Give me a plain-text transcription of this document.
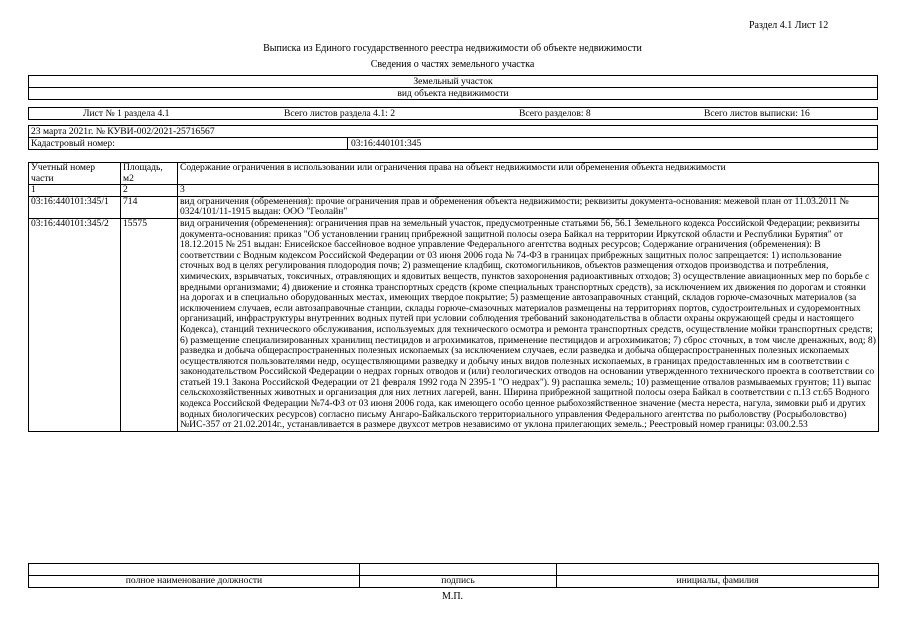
Раздел 4.1 Лист 12
Выписка из Единого государственного реестра недвижимости об объекте недвижимости
Сведения о частях земельного участка
Земельный участок
вид объекта недвижимости
Лист № 1 раздела 4.1	Всего листов раздела 4.1: 2	Всего разделов: 8	Всего листов выписки: 16
23 марта 2021г. № КУВИ-002/2021-25716567
Кадастровый номер:	03:16:440101:345
Учетный номер части	Площадь, м2	Содержание ограничения в использовании или ограничения права на объект недвижимости или обременения объекта недвижимости
1	2	3
03:16:440101:345/1	714	вид ограничения (обременения): прочие ограничения прав и обременения объекта недвижимости; реквизиты документа-основания: межевой план от 11.03.2011 № 0324/101/11-1915 выдан: ООО "Геолайн"
03:16:440101:345/2	15575	вид ограничения (обременения): ограничения прав на земельный участок, предусмотренные статьями 56, 56.1 Земельного кодекса Российской Федерации; реквизиты документа-основания: приказ "Об установлении границ прибрежной защитной полосы озера Байкал на территории Иркутской области и Республики Бурятия" от 18.12.2015 № 251 выдан: Енисейское бассейновое водное управление Федерального агентства водных ресурсов; Содержание ограничения (обременения): В соответствии с Водным кодексом Российской Федерации от 03 июня 2006 года № 74-ФЗ в границах прибрежных защитных полос запрещается: 1) использование сточных вод в целях регулирования плодородия почв; 2) размещение кладбищ, скотомогильников, объектов размещения отходов производства и потребления, химических, взрывчатых, токсичных, отравляющих и ядовитых веществ, пунктов захоронения радиоактивных отходов; 3) осуществление авиационных мер по борьбе с вредными организмами; 4) движение и стоянка транспортных средств (кроме специальных транспортных средств), за исключением их движения по дорогам и стоянки на дорогах и в специально оборудованных местах, имеющих твердое покрытие; 5) размещение автозаправочных станций, складов горюче-смазочных материалов (за исключением случаев, если автозаправочные станции, склады горюче-смазочных материалов размещены на территориях портов, судостроительных и судоремонтных организаций, инфраструктуры внутренних водных путей при условии соблюдения требований законодательства в области охраны окружающей среды и настоящего Кодекса), станций технического обслуживания, используемых для технического осмотра и ремонта транспортных средств, осуществление мойки транспортных средств; 6) размещение специализированных хранилищ пестицидов и агрохимикатов, применение пестицидов и агрохимикатов; 7) сброс сточных, в том числе дренажных, вод; 8) разведка и добыча общераспространенных полезных ископаемых (за исключением случаев, если разведка и добыча общераспространенных полезных ископаемых осуществляются пользователями недр, осуществляющими разведку и добычу иных видов полезных ископаемых, в границах предоставленных им в соответствии с законодательством Российской Федерации о недрах горных отводов и (или) геологических отводов на основании утвержденного технического проекта в соответствии со статьей 19.1 Закона Российской Федерации от 21 февраля 1992 года N 2395-1 "О недрах"). 9) распашка земель; 10) размещение отвалов размываемых грунтов; 11) выпас сельскохозяйственных животных и организация для них летних лагерей, ванн. Ширина прибрежной защитной полосы озера Байкал в соответствии с п.13 ст.65 Водного кодекса Российской Федерации №74-ФЗ от 03 июня 2006 года, как имеющего особо ценное рыбохозяйственное значение (места нереста, нагула, зимовки рыб и других водных биологических ресурсов) согласно письму Ангаро-Байкальского территориального управления Федерального агентства по рыболовству (Росрыболовство) №ИС-357 от 21.02.2014г., устанавливается в размере двухсот метров независимо от уклона прилегающих земель.; Реестровый номер границы: 03.00.2.53

полное наименование должности	подпись	инициалы, фамилия
М.П.
